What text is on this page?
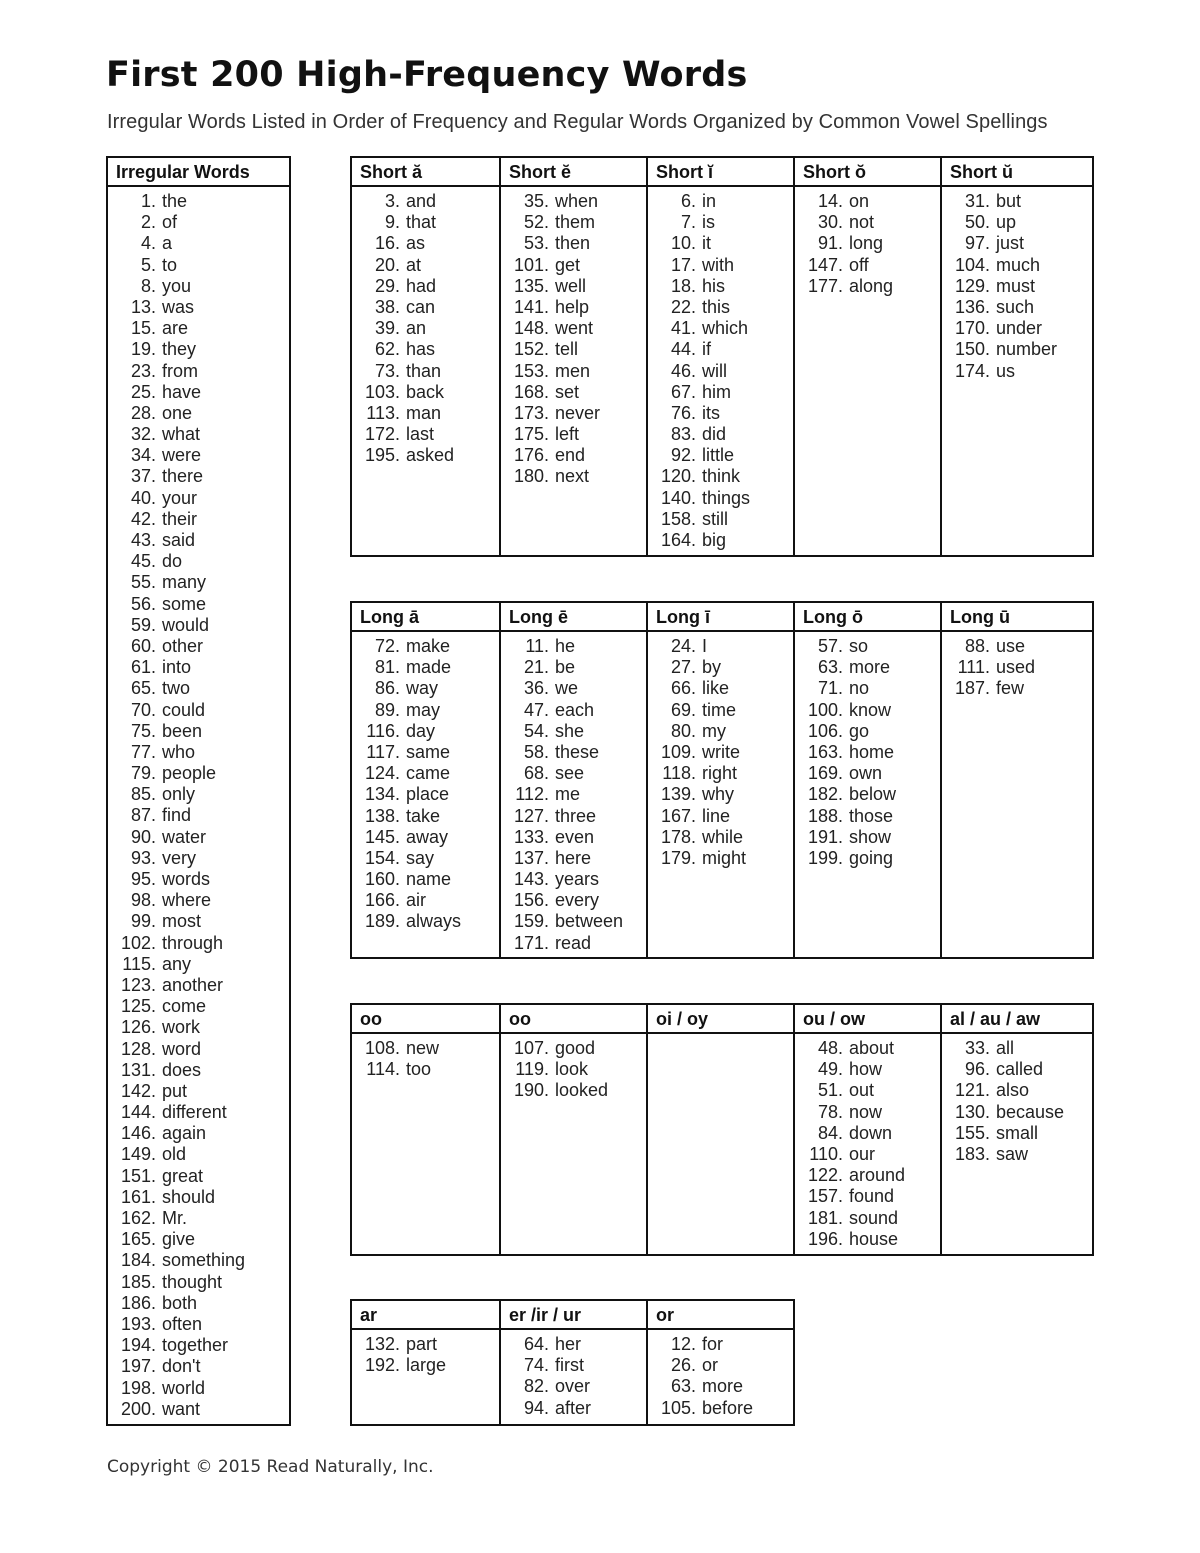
First 200 High-Frequency Words
Irregular Words Listed in Order of Frequency and Regular Words Organized by Common Vowel Spellings
Irregular Words
1. the
2. of
4. a
5. to
8. you
13. was
15. are
19. they
23. from
25. have
28. one
32. what
34. were
37. there
40. your
42. their
43. said
45. do
55. many
56. some
59. would
60. other
61. into
65. two
70. could
75. been
77. who
79. people
85. only
87. find
90. water
93. very
95. words
98. where
99. most
102. through
115. any
123. another
125. come
126. work
128. word
131. does
142. put
144. different
146. again
149. old
151. great
161. should
162. Mr.
165. give
184. something
185. thought
186. both
193. often
194. together
197. don't
198. world
200. want
Short ă
3. and
9. that
16. as
20. at
29. had
38. can
39. an
62. has
73. than
103. back
113. man
172. last
195. asked
Short ĕ
35. when
52. them
53. then
101. get
135. well
141. help
148. went
152. tell
153. men
168. set
173. never
175. left
176. end
180. next
Short ĭ
6. in
7. is
10. it
17. with
18. his
22. this
41. which
44. if
46. will
67. him
76. its
83. did
92. little
120. think
140. things
158. still
164. big
Short ŏ
14. on
30. not
91. long
147. off
177. along
Short ŭ
31. but
50. up
97. just
104. much
129. must
136. such
170. under
150. number
174. us
Long ā
72. make
81. made
86. way
89. may
116. day
117. same
124. came
134. place
138. take
145. away
154. say
160. name
166. air
189. always
Long ē
11. he
21. be
36. we
47. each
54. she
58. these
68. see
112. me
127. three
133. even
137. here
143. years
156. every
159. between
171. read
Long ī
24. I
27. by
66. like
69. time
80. my
109. write
118. right
139. why
167. line
178. while
179. might
Long ō
57. so
63. more
71. no
100. know
106. go
163. home
169. own
182. below
188. those
191. show
199. going
Long ū
88. use
111. used
187. few
oo
108. new
114. too
oo
107. good
119. look
190. looked
oi / oy	ou / ow
48. about
49. how
51. out
78. now
84. down
110. our
122. around
157. found
181. sound
196. house
al / au / aw
33. all
96. called
121. also
130. because
155. small
183. saw
ar
132. part
192. large
er /ir / ur
64. her
74. first
82. over
94. after
or
12. for
26. or
63. more
105. before
Copyright © 2015 Read Naturally, Inc.
